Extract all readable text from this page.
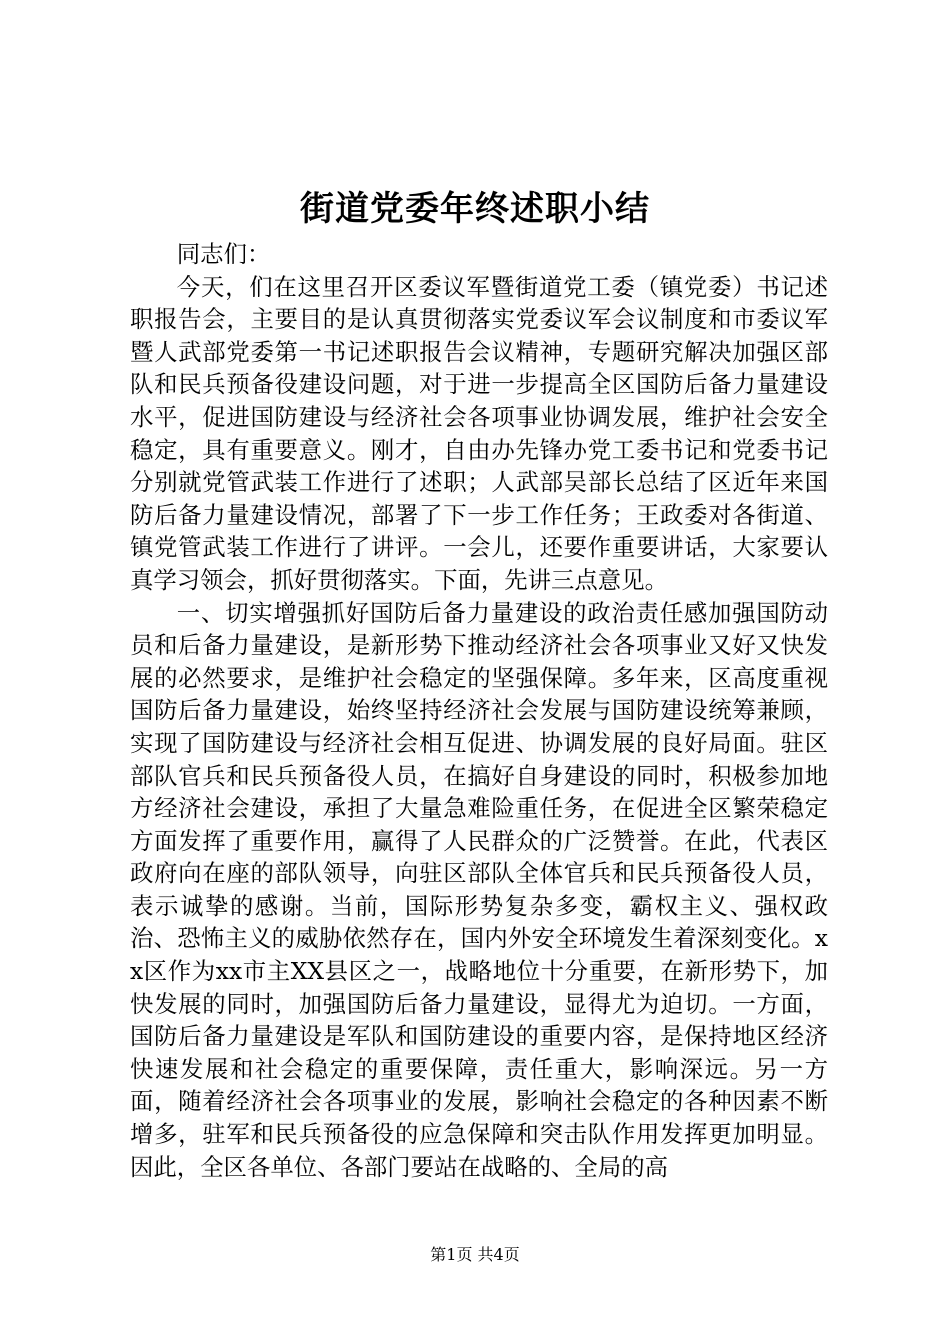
街道党委年终述职小结

同志们：

今天，们在这里召开区委议军暨街道党工委（镇党委）书记述职报告会，主要目的是认真贯彻落实党委议军会议制度和市委议军暨人武部党委第一书记述职报告会议精神，专题研究解决加强区部队和民兵预备役建设问题，对于进一步提高全区国防后备力量建设水平，促进国防建设与经济社会各项事业协调发展，维护社会安全稳定，具有重要意义。刚才，自由办先锋办党工委书记和党委书记分别就党管武装工作进行了述职；人武部吴部长总结了区近年来国防后备力量建设情况，部署了下一步工作任务；王政委对各街道、镇党管武装工作进行了讲评。一会儿，还要作重要讲话，大家要认真学习领会，抓好贯彻落实。下面，先讲三点意见。

一、切实增强抓好国防后备力量建设的政治责任感加强国防动员和后备力量建设，是新形势下推动经济社会各项事业又好又快发展的必然要求，是维护社会稳定的坚强保障。多年来，区高度重视国防后备力量建设，始终坚持经济社会发展与国防建设统筹兼顾，实现了国防建设与经济社会相互促进、协调发展的良好局面。驻区部队官兵和民兵预备役人员，在搞好自身建设的同时，积极参加地方经济社会建设，承担了大量急难险重任务，在促进全区繁荣稳定方面发挥了重要作用，赢得了人民群众的广泛赞誉。在此，代表区政府向在座的部队领导，向驻区部队全体官兵和民兵预备役人员，表示诚挚的感谢。当前，国际形势复杂多变，霸权主义、强权政治、恐怖主义的威胁依然存在，国内外安全环境发生着深刻变化。xx区作为xx市主XX县区之一，战略地位十分重要，在新形势下，加快发展的同时，加强国防后备力量建设，显得尤为迫切。一方面，国防后备力量建设是军队和国防建设的重要内容，是保持地区经济快速发展和社会稳定的重要保障，责任重大，影响深远。另一方面，随着经济社会各项事业的发展，影响社会稳定的各种因素不断增多，驻军和民兵预备役的应急保障和突击队作用发挥更加明显。因此，全区各单位、各部门要站在战略的、全局的高

第1页 共4页
